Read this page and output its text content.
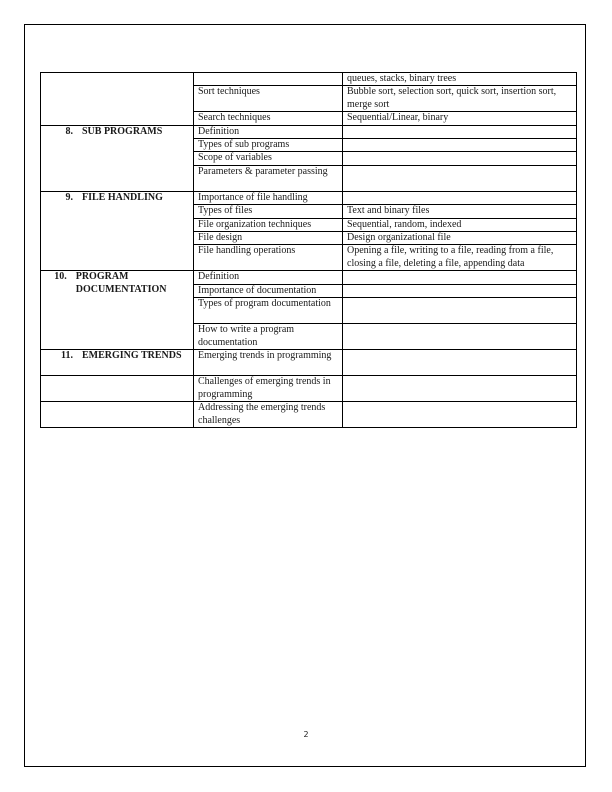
		queues, stacks, binary trees
	Sort techniques	Bubble sort, selection sort, quick sort, insertion sort, merge sort
	Search techniques	Sequential/Linear, binary

8. SUB PROGRAMS	Definition	
	Types of sub programs	
	Scope of variables	
	Parameters & parameter passing	

9. FILE HANDLING	Importance of file handling	
	Types of files	Text and binary files
	File organization techniques	Sequential, random, indexed
	File design	Design organizational file
	File handling operations	Opening a file, writing to a file, reading from a file, closing a file, deleting a file, appending data

10. PROGRAM DOCUMENTATION	Definition	
	Importance of documentation	
	Types of program documentation	
	How to write a program documentation	

11. EMERGING TRENDS	Emerging trends in programming	
	Challenges of emerging trends in programming	
	Addressing the emerging trends challenges	
2
